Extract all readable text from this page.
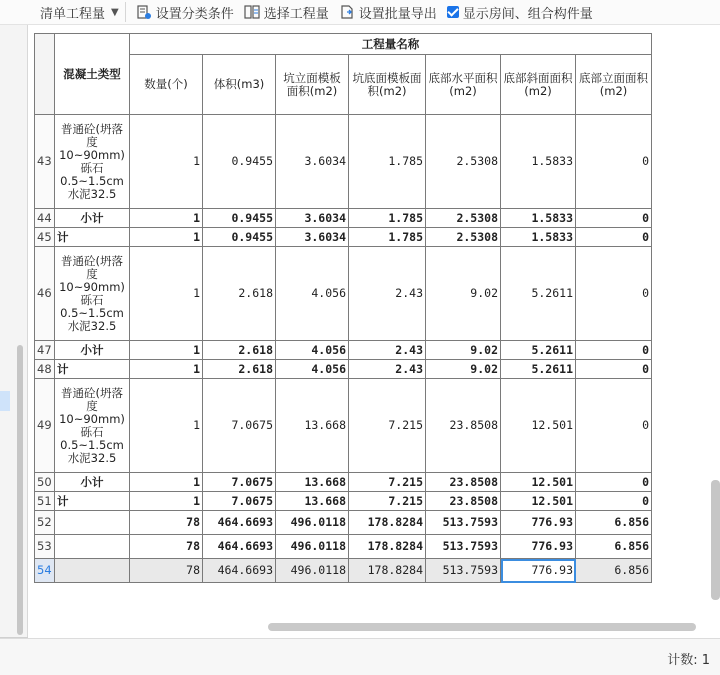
清单工程量 ▼	设置分类条件 选择工程量 设置批量导出 显示房间、组合构件量
	混凝土类型	工程量名称						
		数量(个)	体积(m3)	坑立面模板面积(m2)	坑底面模板面积(m2)	底部水平面积(m2)	底部斜面面积(m2)	底部立面面积(m2)
43	普通砼(坍落度10~90mm) 砾石0.5~1.5cm 水泥32.5	1	0.9455	3.6034	1.785	2.5308	1.5833	0
44	小计	1	0.9455	3.6034	1.785	2.5308	1.5833	0
45	计	1	0.9455	3.6034	1.785	2.5308	1.5833	0
46	普通砼(坍落度10~90mm) 砾石0.5~1.5cm 水泥32.5	1	2.618	4.056	2.43	9.02	5.2611	0
47	小计	1	2.618	4.056	2.43	9.02	5.2611	0
48	计	1	2.618	4.056	2.43	9.02	5.2611	0
49	普通砼(坍落度10~90mm) 砾石0.5~1.5cm 水泥32.5	1	7.0675	13.668	7.215	23.8508	12.501	0
50	小计	1	7.0675	13.668	7.215	23.8508	12.501	0
51	计	1	7.0675	13.668	7.215	23.8508	12.501	0
52		78	464.6693	496.0118	178.8284	513.7593	776.93	6.856
53		78	464.6693	496.0118	178.8284	513.7593	776.93	6.856
54		78	464.6693	496.0118	178.8284	513.7593	776.93	6.856
计数: 1
